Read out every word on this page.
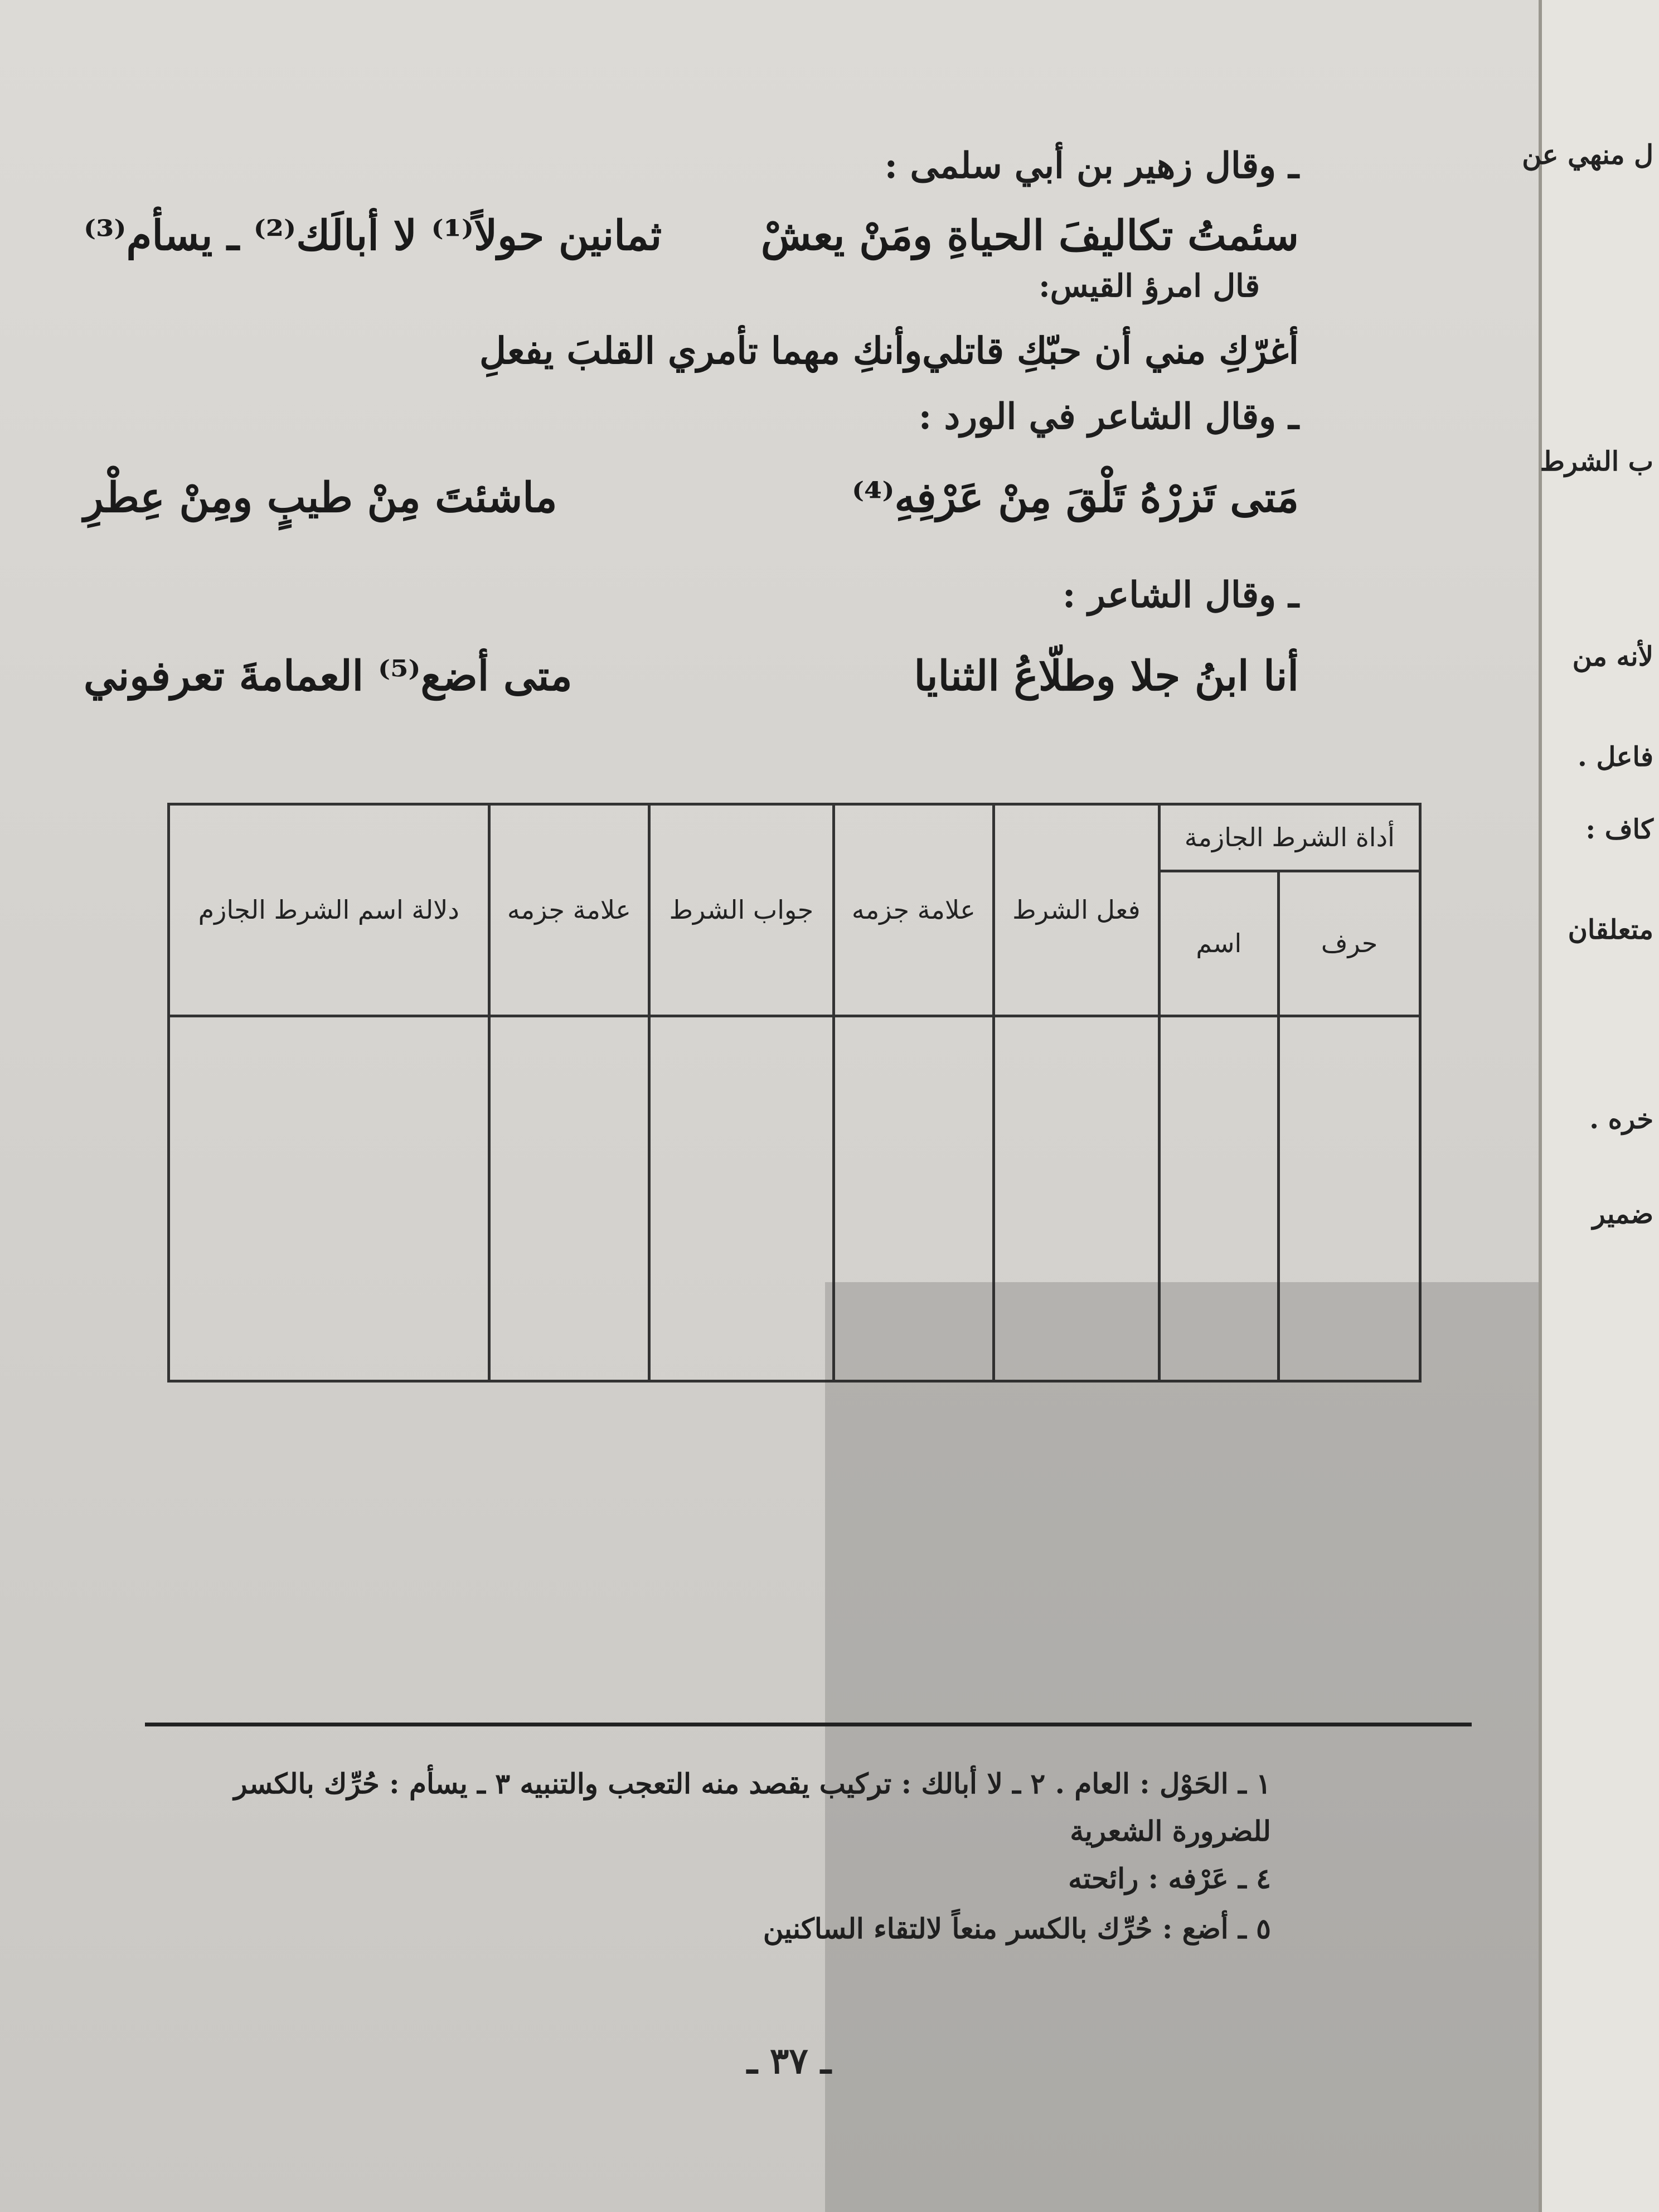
ـ وقال زهير بن أبي سلمى :
سئمتُ تكاليفَ الحياةِ ومَنْ يعشْ
ثمانين حولاً⁽¹⁾ لا أبالَك⁽²⁾ ـ يسأم⁽³⁾
قال امرؤ القيس:
أغرّكِ مني أن حبّكِ قاتلي
وأنكِ مهما تأمري القلبَ يفعلِ
ـ وقال الشاعر في الورد :
مَتى تَزرْهُ تَلْقَ مِنْ عَرْفِهِ⁽⁴⁾
ماشئتَ مِنْ طيبٍ ومِنْ عِطْرِ
ـ وقال الشاعر :
أنا ابنُ جلا وطلّاعُ الثنايا
متى أضع⁽⁵⁾ العمامةَ تعرفوني
أداة الشرط الجازمة		فعل الشرط	علامة جزمه	جواب الشرط	علامة جزمه	دلالة اسم الشرط الجازم
حرف	اسم					

١ ـ الحَوْل : العام . ٢ ـ لا أبالك : تركيب يقصد منه التعجب والتنبيه ٣ ـ يسأم : حُرِّك بالكسر
للضرورة الشعرية
٤ ـ عَرْفه : رائحته
٥ ـ أضع : حُرِّك بالكسر منعاً لالتقاء الساكنين
ـ ٣٧ ـ
ل منهي عن
ب الشرط
لأنه من
فاعل .
كاف :
متعلقان
خره .
ضمير
